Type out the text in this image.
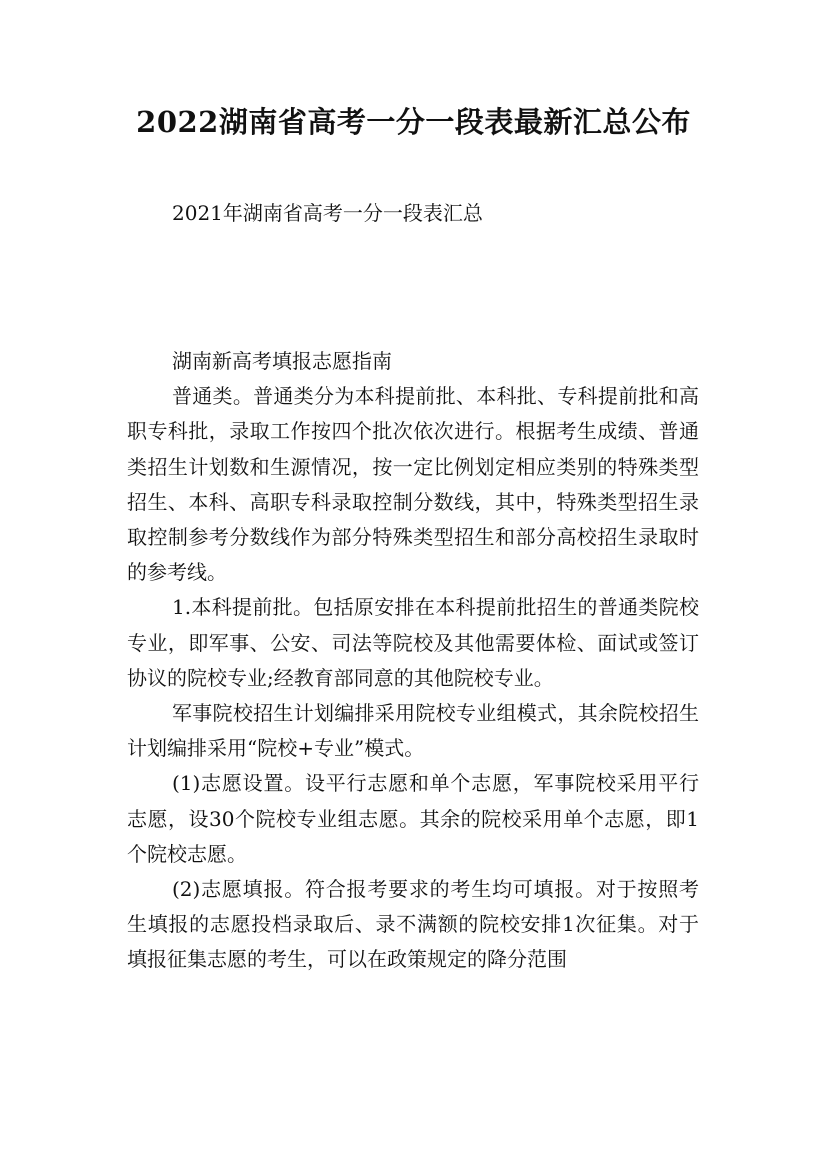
2022湖南省高考一分一段表最新汇总公布
2021年湖南省高考一分一段表汇总

湖南新高考填报志愿指南

普通类。普通类分为本科提前批、本科批、专科提前批和高职专科批，录取工作按四个批次依次进行。根据考生成绩、普通类招生计划数和生源情况，按一定比例划定相应类别的特殊类型招生、本科、高职专科录取控制分数线，其中，特殊类型招生录取控制参考分数线作为部分特殊类型招生和部分高校招生录取时的参考线。

1.本科提前批。包括原安排在本科提前批招生的普通类院校专业，即军事、公安、司法等院校及其他需要体检、面试或签订协议的院校专业;经教育部同意的其他院校专业。

军事院校招生计划编排采用院校专业组模式，其余院校招生计划编排采用“院校+专业”模式。

(1)志愿设置。设平行志愿和单个志愿，军事院校采用平行志愿，设30个院校专业组志愿。其余的院校采用单个志愿，即1个院校志愿。

(2)志愿填报。符合报考要求的考生均可填报。对于按照考生填报的志愿投档录取后、录不满额的院校安排1次征集。对于填报征集志愿的考生，可以在政策规定的降分范围
